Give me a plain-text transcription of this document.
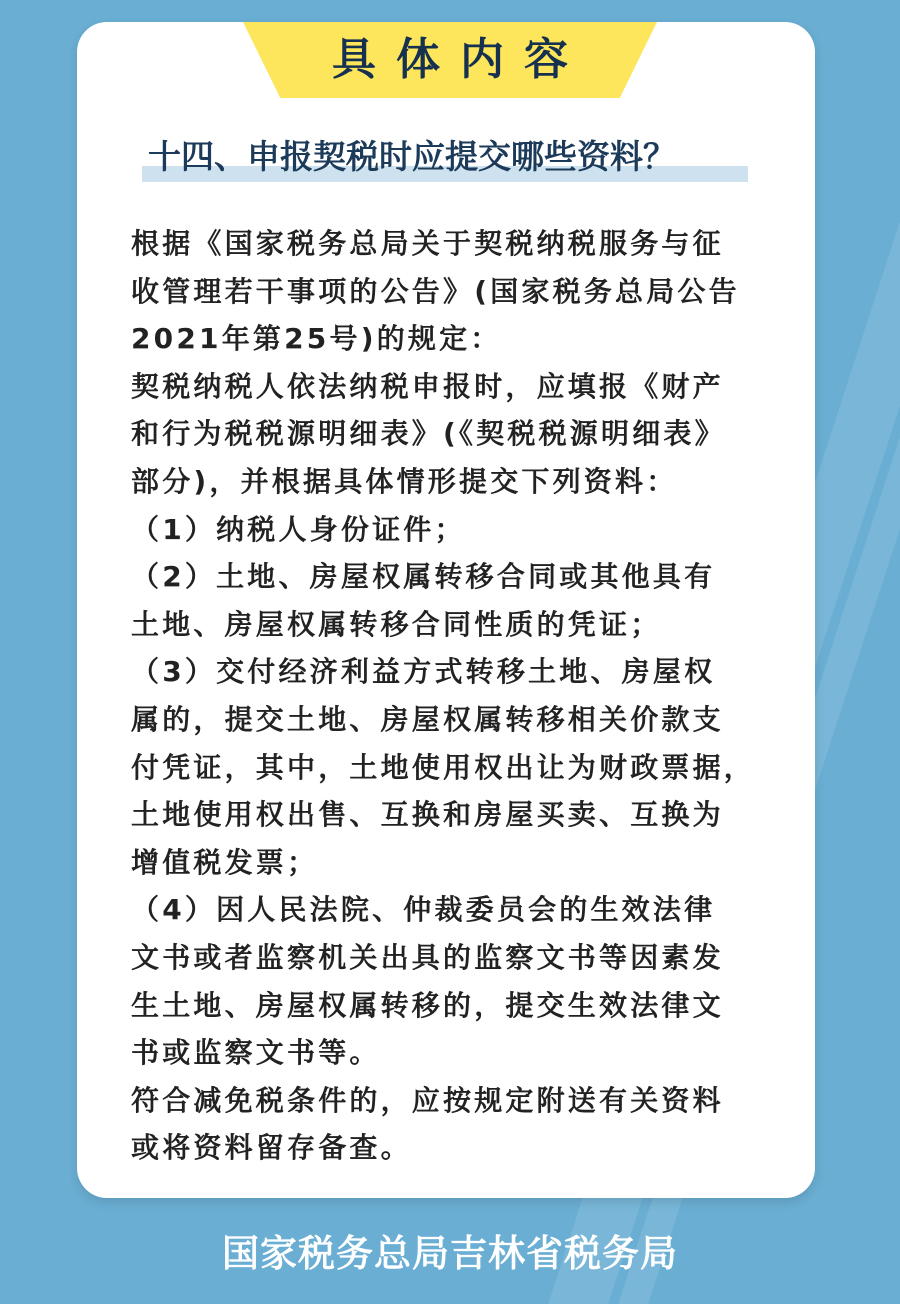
具体内容
十四、申报契税时应提交哪些资料？
根据《国家税务总局关于契税纳税服务与征
收管理若干事项的公告》(国家税务总局公告
2021年第25号)的规定：
契税纳税人依法纳税申报时，应填报《财产
和行为税税源明细表》(《契税税源明细表》
部分)，并根据具体情形提交下列资料：
（1）纳税人身份证件；
（2）土地、房屋权属转移合同或其他具有
土地、房屋权属转移合同性质的凭证；
（3）交付经济利益方式转移土地、房屋权
属的，提交土地、房屋权属转移相关价款支
付凭证，其中，土地使用权出让为财政票据，
土地使用权出售、互换和房屋买卖、互换为
增值税发票；
（4）因人民法院、仲裁委员会的生效法律
文书或者监察机关出具的监察文书等因素发
生土地、房屋权属转移的，提交生效法律文
书或监察文书等。
符合减免税条件的，应按规定附送有关资料
或将资料留存备查。
国家税务总局吉林省税务局
